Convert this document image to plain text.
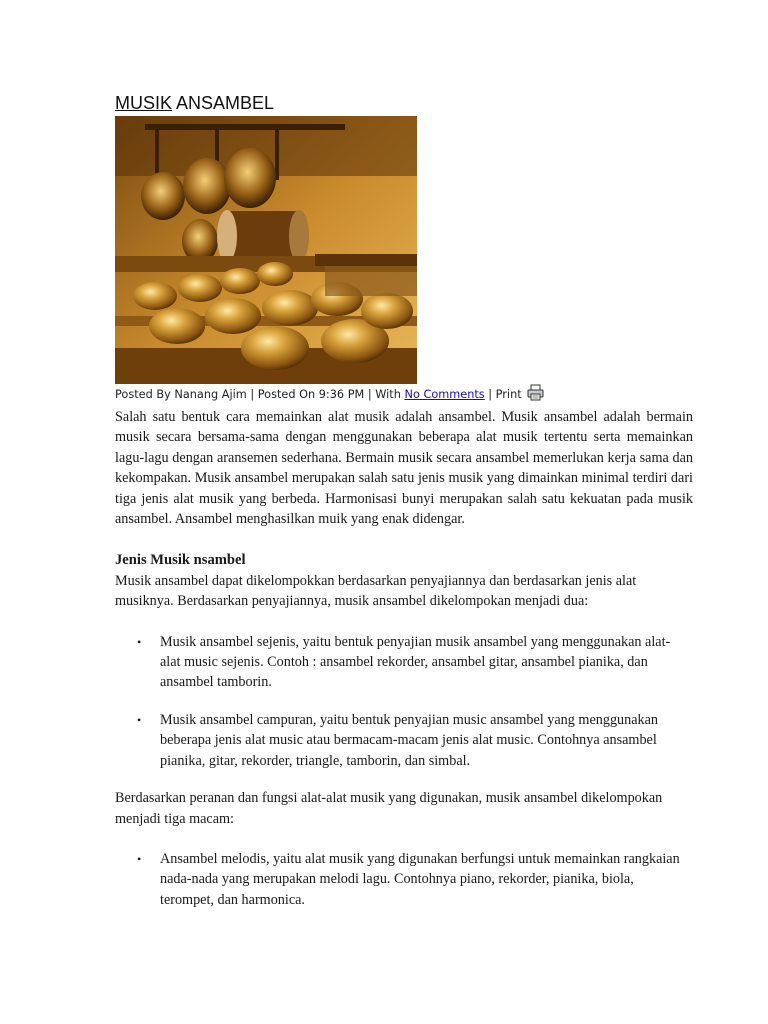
MUSIK ANSAMBEL
Posted By Nanang Ajim | Posted On 9:36 PM | With No Comments | Print

Salah satu bentuk cara memainkan alat musik adalah ansambel. Musik ansambel adalah bermain musik secara bersama-sama dengan menggunakan beberapa alat musik tertentu serta memainkan lagu-lagu dengan aransemen sederhana. Bermain musik secara ansambel memerlukan kerja sama dan kekompakan. Musik ansambel merupakan salah satu jenis musik yang dimainkan minimal terdiri dari tiga jenis alat musik yang berbeda. Harmonisasi bunyi merupakan salah satu kekuatan pada musik ansambel. Ansambel menghasilkan muik yang enak didengar.

Jenis Musik nsambel
Musik ansambel dapat dikelompokkan berdasarkan penyajiannya dan berdasarkan jenis alat
musiknya. Berdasarkan penyajiannya, musik ansambel dikelompokan menjadi dua:
• Musik ansambel sejenis, yaitu bentuk penyajian musik ansambel yang menggunakan alat-
alat music sejenis. Contoh : ansambel rekorder, ansambel gitar, ansambel pianika, dan
ansambel tamborin.
• Musik ansambel campuran, yaitu bentuk penyajian music ansambel yang menggunakan
beberapa jenis alat music atau bermacam-macam jenis alat music. Contohnya ansambel
pianika, gitar, rekorder, triangle, tamborin, dan simbal.
Berdasarkan peranan dan fungsi alat-alat musik yang digunakan, musik ansambel dikelompokan
menjadi tiga macam:
• Ansambel melodis, yaitu alat musik yang digunakan berfungsi untuk memainkan rangkaian
nada-nada yang merupakan melodi lagu. Contohnya piano, rekorder, pianika, biola,
terompet, dan harmonica.
